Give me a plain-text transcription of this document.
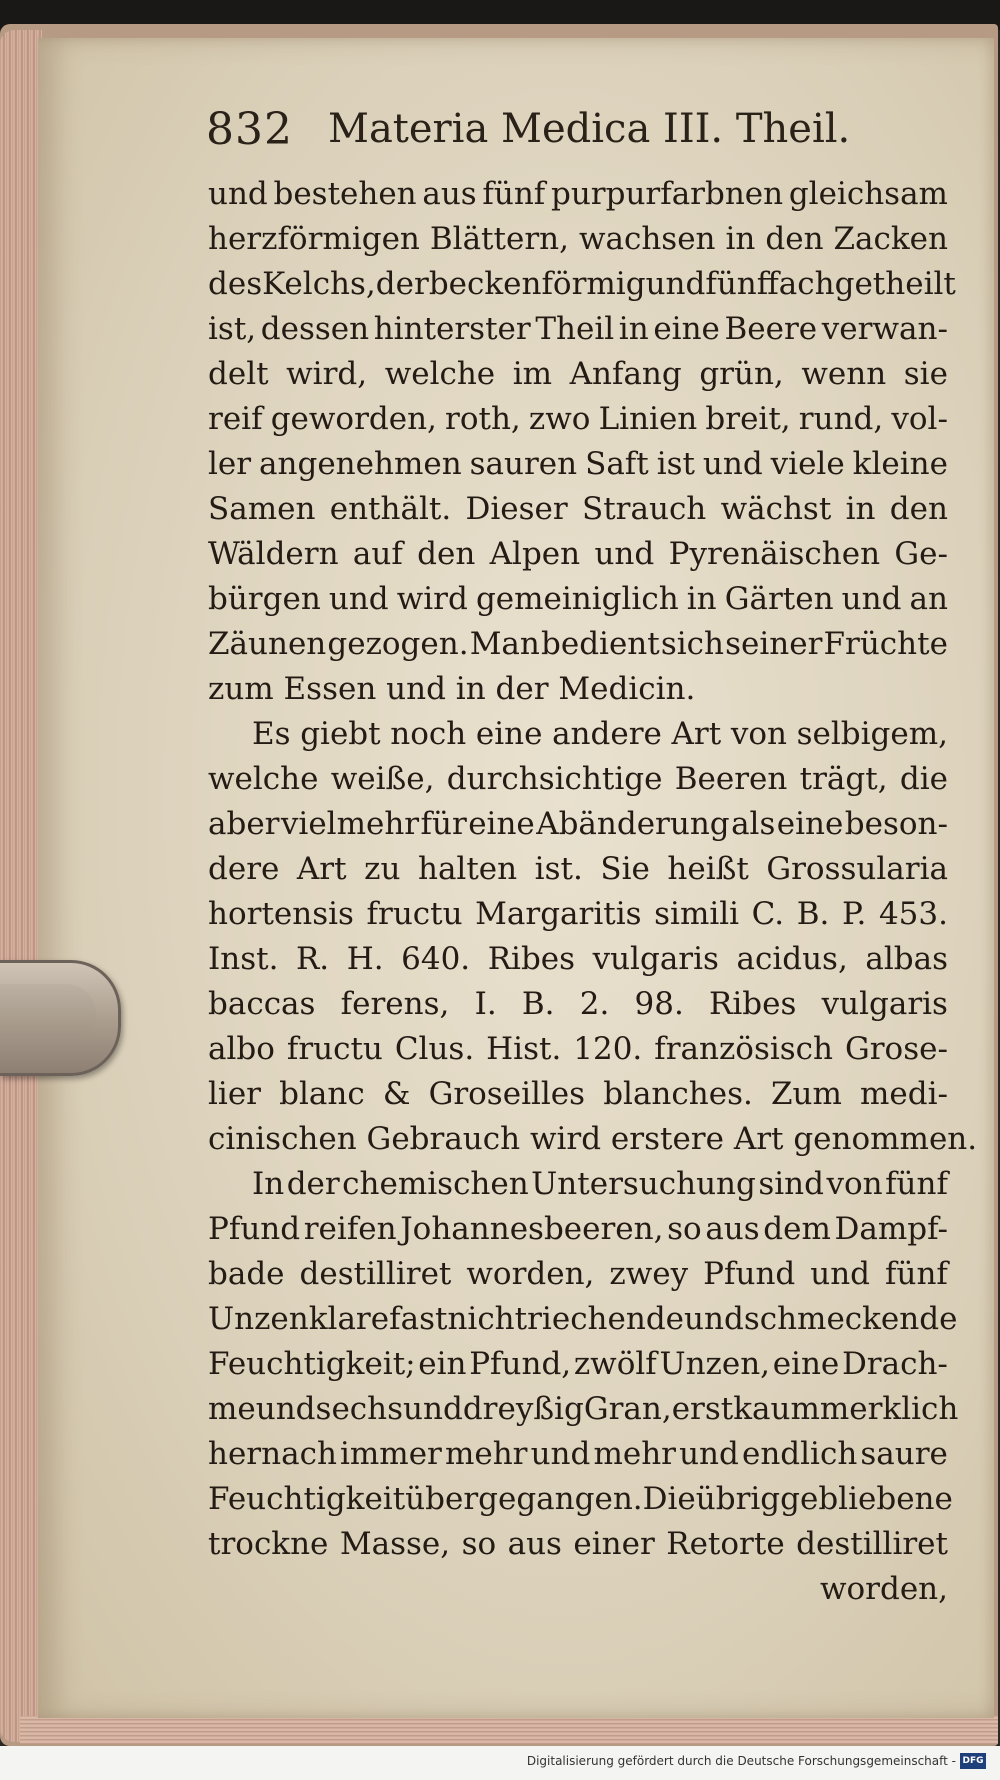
832 Materia Medica III. Theil.
und bestehen aus fünf purpurfarbnen gleichsam
herzförmigen Blättern, wachsen in den Zacken
des Kelchs, der beckenförmig und fünffach getheilt
ist, dessen hinterster Theil in eine Beere verwan-
delt wird, welche im Anfang grün, wenn sie
reif geworden, roth, zwo Linien breit, rund, vol-
ler angenehmen sauren Saft ist und viele kleine
Samen enthält. Dieser Strauch wächst in den
Wäldern auf den Alpen und Pyrenäischen Ge-
bürgen und wird gemeiniglich in Gärten und an
Zäunen gezogen. Man bedient sich seiner Früchte
zum Essen und in der Medicin.
Es giebt noch eine andere Art von selbigem,
welche weiße, durchsichtige Beeren trägt, die
aber vielmehr für eine Abänderung als eine beson-
dere Art zu halten ist. Sie heißt Grossularia
hortensis fructu Margaritis simili C. B. P. 453.
Inst. R. H. 640. Ribes vulgaris acidus, albas
baccas ferens, I. B. 2. 98. Ribes vulgaris
albo fructu Clus. Hist. 120. französisch Grose-
lier blanc & Groseilles blanches. Zum medi-
cinischen Gebrauch wird erstere Art genommen.
In der chemischen Untersuchung sind von fünf
Pfund reifen Johannesbeeren, so aus dem Dampf-
bade destilliret worden, zwey Pfund und fünf
Unzen klare fast nicht riechende und schmeckende
Feuchtigkeit; ein Pfund, zwölf Unzen, eine Drach-
me und sechs und dreyßig Gran, erst kaum merklich
hernach immer mehr und mehr und endlich saure
Feuchtigkeit übergegangen. Die übriggebliebene
trockne Masse, so aus einer Retorte destilliret
worden,
Digitalisierung gefördert durch die Deutsche Forschungsgemeinschaft - DFG
